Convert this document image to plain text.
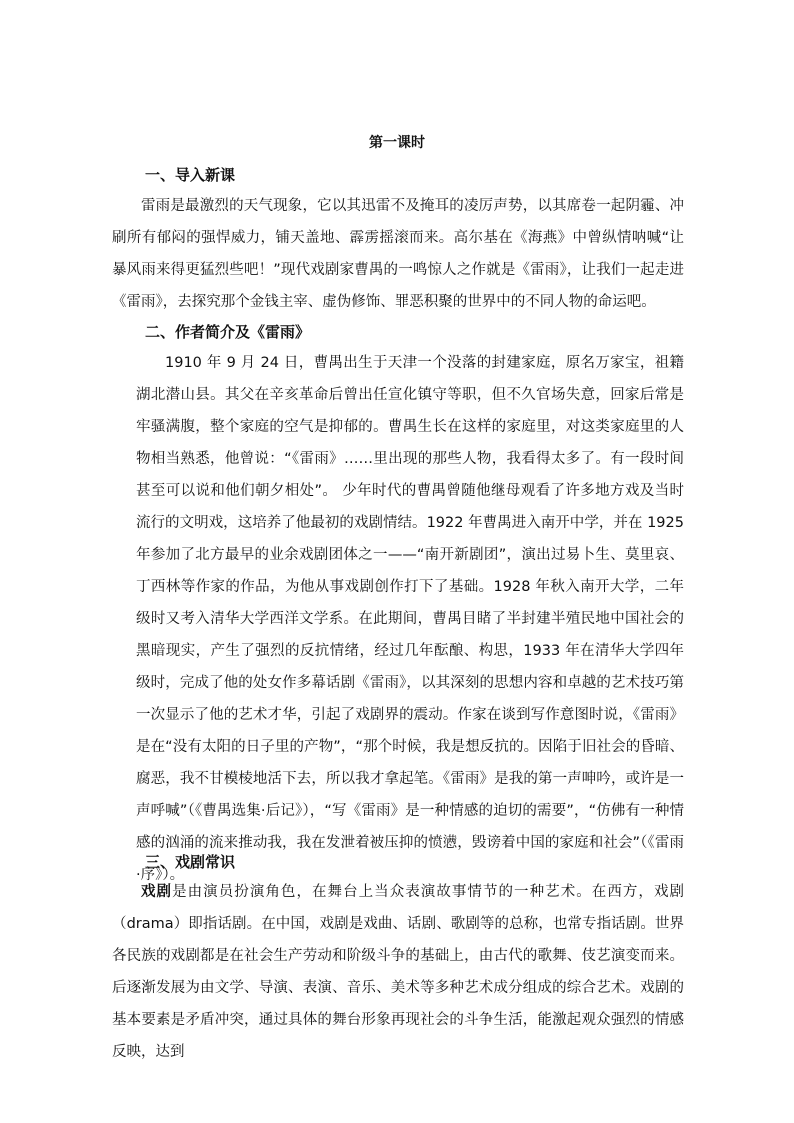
第一课时
一、导入新课

雷雨是最激烈的天气现象，它以其迅雷不及掩耳的凌厉声势，以其席卷一起阴霾、冲刷所有郁闷的强悍威力，铺天盖地、霹雳摇滚而来。高尔基在《海燕》中曾纵情呐喊“让暴风雨来得更猛烈些吧！”现代戏剧家曹禺的一鸣惊人之作就是《雷雨》，让我们一起走进《雷雨》，去探究那个金钱主宰、虚伪修饰、罪恶积聚的世界中的不同人物的命运吧。

二、作者简介及《雷雨》

1910 年 9 月 24 日，曹禺出生于天津一个没落的封建家庭，原名万家宝，祖籍湖北潜山县。其父在辛亥革命后曾出任宣化镇守等职，但不久官场失意，回家后常是牢骚满腹，整个家庭的空气是抑郁的。曹禺生长在这样的家庭里，对这类家庭里的人物相当熟悉，他曾说：“《雷雨》……里出现的那些人物，我看得太多了。有一段时间甚至可以说和他们朝夕相处”。 少年时代的曹禺曾随他继母观看了许多地方戏及当时流行的文明戏，这培养了他最初的戏剧情结。1922 年曹禺进入南开中学，并在 1925 年参加了北方最早的业余戏剧团体之一——“南开新剧团”，演出过易卜生、莫里哀、丁西林等作家的作品，为他从事戏剧创作打下了基础。1928 年秋入南开大学，二年级时又考入清华大学西洋文学系。在此期间，曹禺目睹了半封建半殖民地中国社会的黑暗现实，产生了强烈的反抗情绪，经过几年酝酿、构思，1933 年在清华大学四年级时，完成了他的处女作多幕话剧《雷雨》，以其深刻的思想内容和卓越的艺术技巧第一次显示了他的艺术才华，引起了戏剧界的震动。作家在谈到写作意图时说，《雷雨》是在“没有太阳的日子里的产物”，“那个时候，我是想反抗的。因陷于旧社会的昏暗、腐恶，我不甘模棱地活下去，所以我才拿起笔。《雷雨》是我的第一声呻吟，或许是一声呼喊”（《曹禺选集·后记》），“写《雷雨》是一种情感的迫切的需要”，“仿佛有一种情感的汹涌的流来推动我，我在发泄着被压抑的愤懑，毁谤着中国的家庭和社会”（《雷雨·序》）。

三、戏剧常识

戏剧是由演员扮演角色，在舞台上当众表演故事情节的一种艺术。在西方，戏剧（drama）即指话剧。在中国，戏剧是戏曲、话剧、歌剧等的总称，也常专指话剧。世界各民族的戏剧都是在社会生产劳动和阶级斗争的基础上，由古代的歌舞、伎艺演变而来。后逐渐发展为由文学、导演、表演、音乐、美术等多种艺术成分组成的综合艺术。戏剧的基本要素是矛盾冲突，通过具体的舞台形象再现社会的斗争生活，能激起观众强烈的情感反映，达到
